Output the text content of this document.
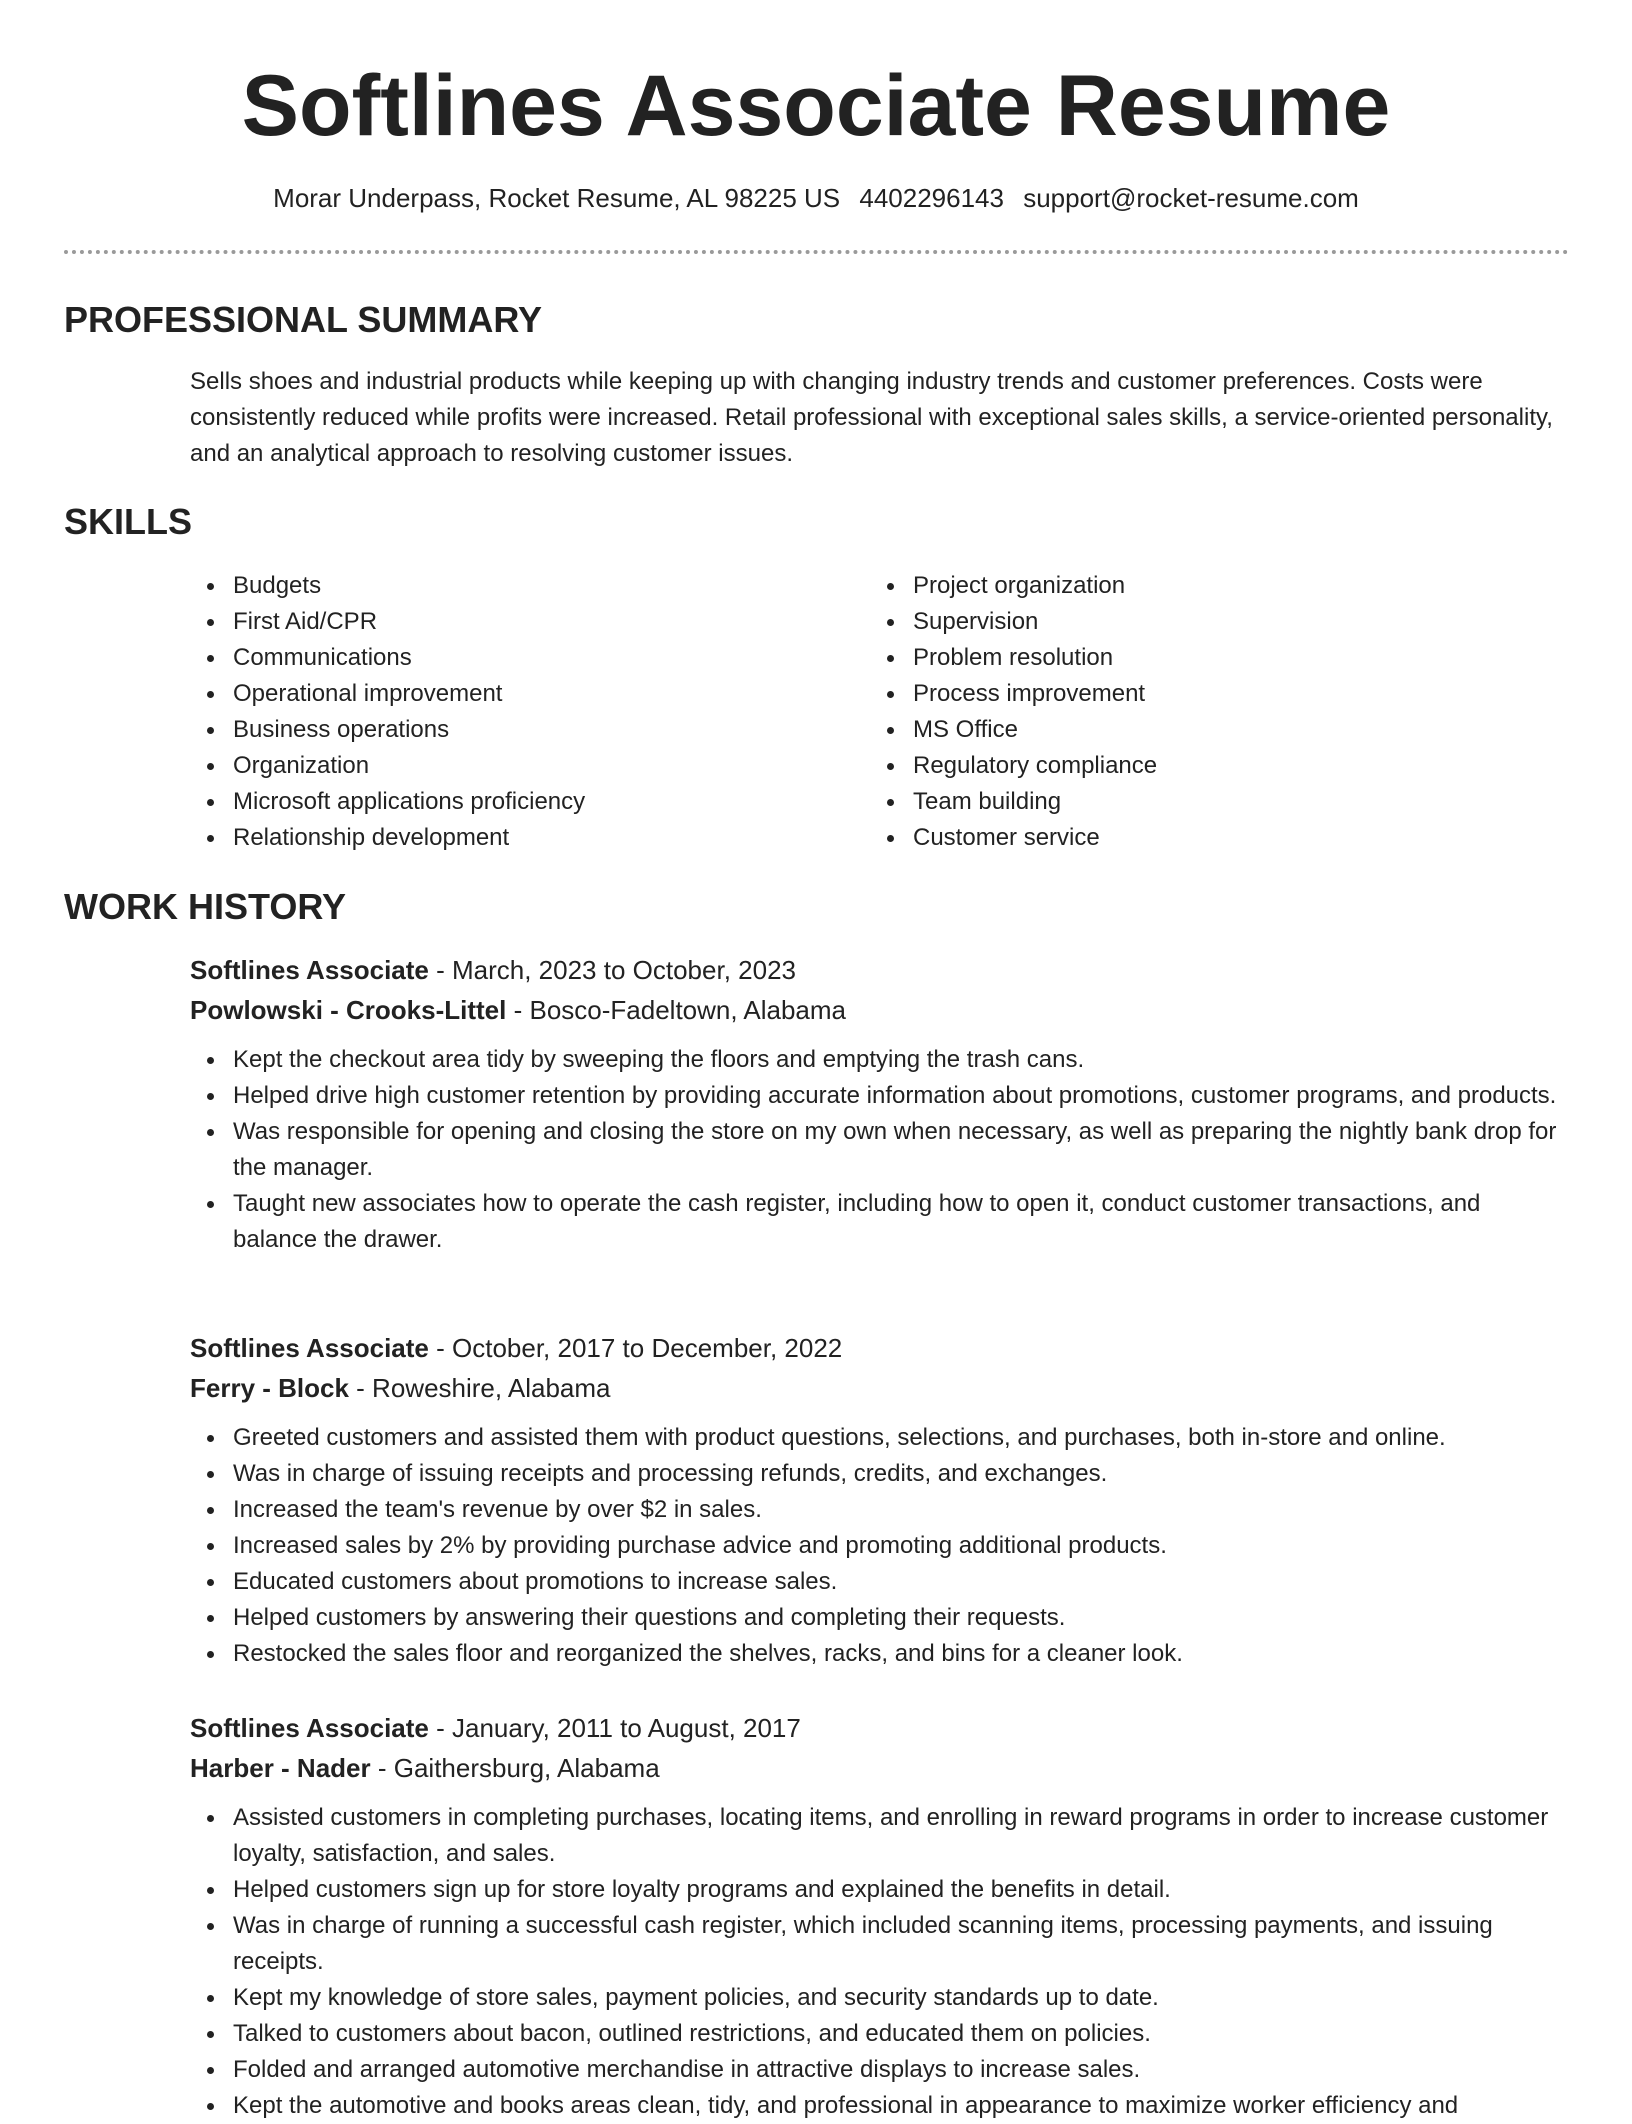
Softlines Associate Resume
Morar Underpass, Rocket Resume, AL 98225 US 4402296143 support@rocket-resume.com
PROFESSIONAL SUMMARY

Sells shoes and industrial products while keeping up with changing industry trends and customer preferences. Costs were consistently reduced while profits were increased. Retail professional with exceptional sales skills, a service-oriented personality, and an analytical approach to resolving customer issues.

SKILLS
Budgets
First Aid/CPR
Communications
Operational improvement
Business operations
Organization
Microsoft applications proficiency
Relationship development
Project organization
Supervision
Problem resolution
Process improvement
MS Office
Regulatory compliance
Team building
Customer service
WORK HISTORY

Softlines Associate - March, 2023 to October, 2023

Powlowski - Crooks-Littel - Bosco-Fadeltown, Alabama

Kept the checkout area tidy by sweeping the floors and emptying the trash cans.
Helped drive high customer retention by providing accurate information about promotions, customer programs, and products.
Was responsible for opening and closing the store on my own when necessary, as well as preparing the nightly bank drop for the manager.
Taught new associates how to operate the cash register, including how to open it, conduct customer transactions, and balance the drawer.

Softlines Associate - October, 2017 to December, 2022

Ferry - Block - Roweshire, Alabama

Greeted customers and assisted them with product questions, selections, and purchases, both in-store and online.
Was in charge of issuing receipts and processing refunds, credits, and exchanges.
Increased the team's revenue by over $2 in sales.
Increased sales by 2% by providing purchase advice and promoting additional products.
Educated customers about promotions to increase sales.
Helped customers by answering their questions and completing their requests.
Restocked the sales floor and reorganized the shelves, racks, and bins for a cleaner look.

Softlines Associate - January, 2011 to August, 2017

Harber - Nader - Gaithersburg, Alabama

Assisted customers in completing purchases, locating items, and enrolling in reward programs in order to increase customer loyalty, satisfaction, and sales.
Helped customers sign up for store loyalty programs and explained the benefits in detail.
Was in charge of running a successful cash register, which included scanning items, processing payments, and issuing receipts.
Kept my knowledge of store sales, payment policies, and security standards up to date.
Talked to customers about bacon, outlined restrictions, and educated them on policies.
Folded and arranged automotive merchandise in attractive displays to increase sales.
Kept the automotive and books areas clean, tidy, and professional in appearance to maximize worker efficiency and
